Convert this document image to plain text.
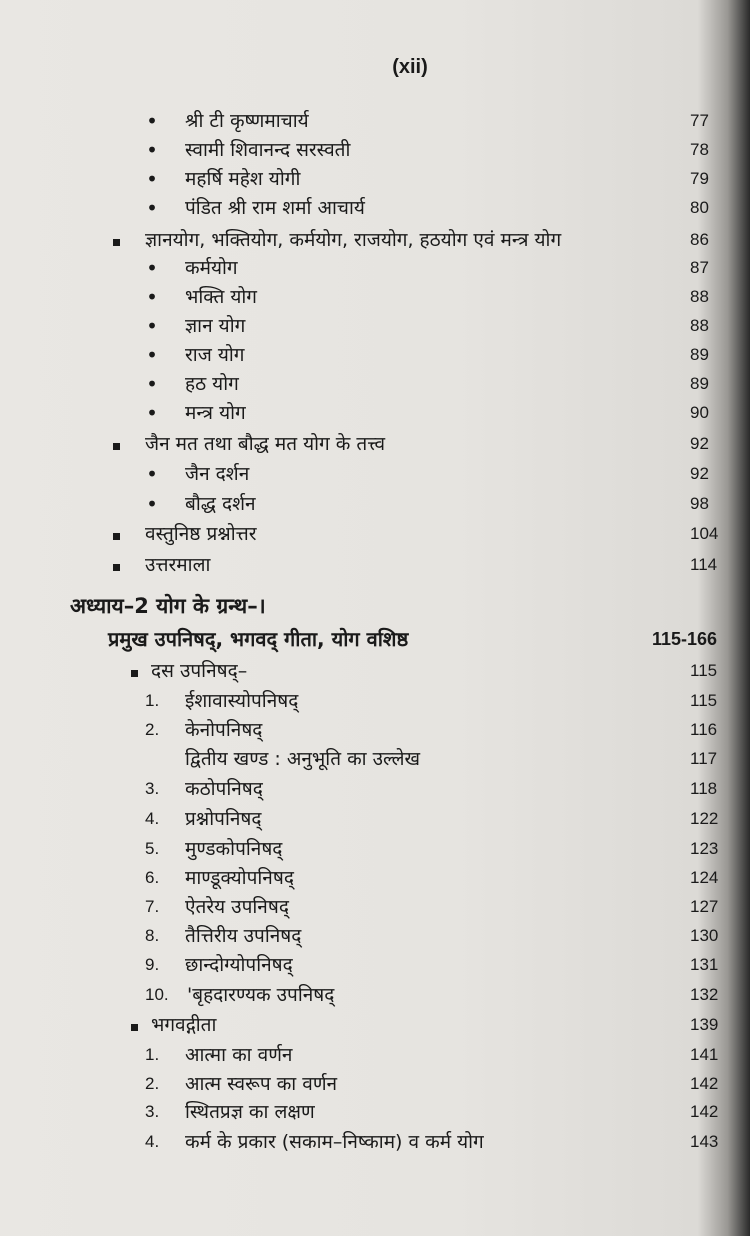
(xii)
• श्री टी कृष्णमाचार्य	77
• स्वामी शिवानन्द सरस्वती	78
• महर्षि महेश योगी	79
• पंडित श्री राम शर्मा आचार्य	80
ज्ञानयोग, भक्तियोग, कर्मयोग, राजयोग, हठयोग एवं मन्त्र योग	86
• कर्मयोग	87
• भक्ति योग	88
• ज्ञान योग	88
• राज योग	89
• हठ योग	89
• मन्त्र योग	90
जैन मत तथा बौद्ध मत योग के तत्त्व	92
• जैन दर्शन	92
• बौद्ध दर्शन	98
वस्तुनिष्ठ प्रश्नोत्तर	104
उत्तरमाला	114
अध्याय–2 योग के ग्रन्थ–।
प्रमुख उपनिषद्, भगवद् गीता, योग वशिष्ठ	115-166
दस उपनिषद्–	115
1.	ईशावास्योपनिषद्	115
2.	केनोपनिषद्	116
द्वितीय खण्ड : अनुभूति का उल्लेख	117
3.	कठोपनिषद्	118
4.	प्रश्नोपनिषद्	122
5.	मुण्डकोपनिषद्	123
6.	माण्डूक्योपनिषद्	124
7.	ऐतरेय उपनिषद्	127
8.	तैत्तिरीय उपनिषद्	130
9.	छान्दोग्योपनिषद्	131
10. 'बृहदारण्यक उपनिषद्	132
भगवद्गीता	139
1.	आत्मा का वर्णन	141
2.	आत्म स्वरूप का वर्णन	142
3.	स्थितप्रज्ञ का लक्षण	142
4.	कर्म के प्रकार (सकाम–निष्काम) व कर्म योग	143
